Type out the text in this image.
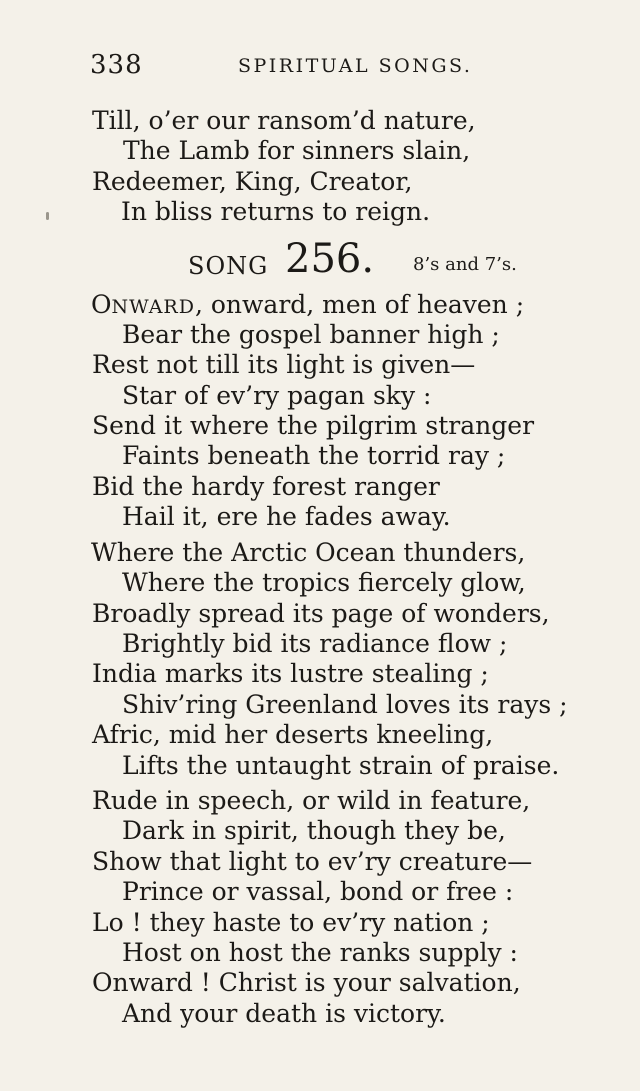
338	SPIRITUAL SONGS.
Till, o’er our ransom’d nature,
The Lamb for sinners slain,
Redeemer, King, Creator,
In bliss returns to reign.
SONG 256. 8’s and 7’s.
ONWARD, onward, men of heaven ;
Bear the gospel banner high ;
Rest not till its light is given—
Star of ev’ry pagan sky :
Send it where the pilgrim stranger
Faints beneath the torrid ray ;
Bid the hardy forest ranger
Hail it, ere he fades away.
Where the Arctic Ocean thunders,
Where the tropics fiercely glow,
Broadly spread its page of wonders,
Brightly bid its radiance flow ;
India marks its lustre stealing ;
Shiv’ring Greenland loves its rays ;
Afric, mid her deserts kneeling,
Lifts the untaught strain of praise.
Rude in speech, or wild in feature,
Dark in spirit, though they be,
Show that light to ev’ry creature—
Prince or vassal, bond or free :
Lo ! they haste to ev’ry nation ;
Host on host the ranks supply :
Onward ! Christ is your salvation,
And your death is victory.
